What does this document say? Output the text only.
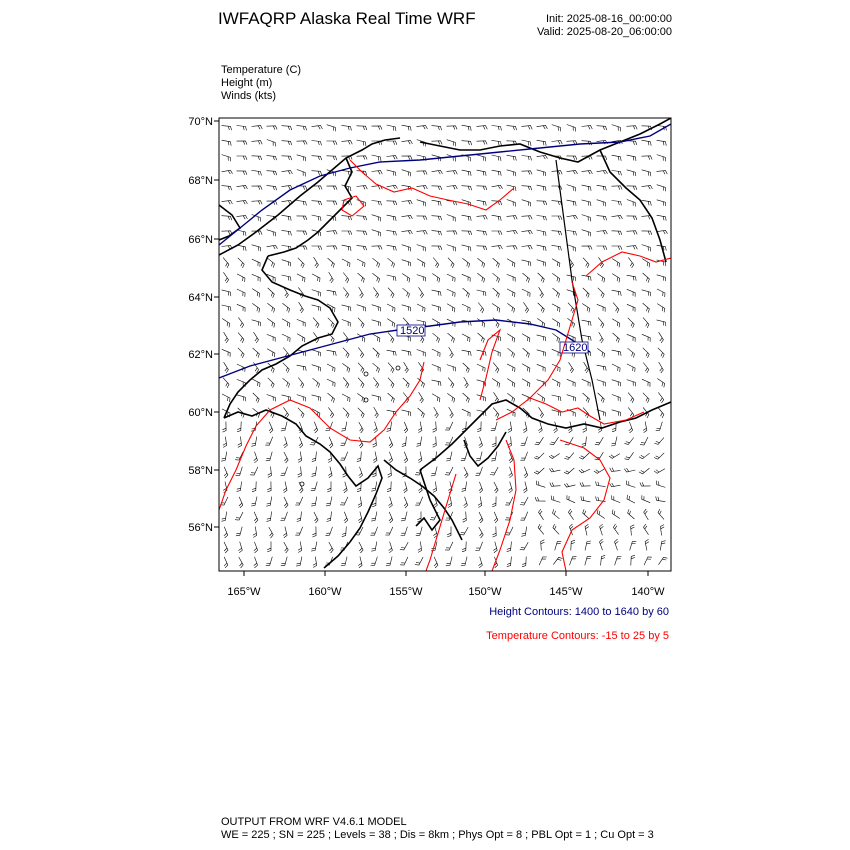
IWFAQRP Alaska Real Time WRF	Init: 2025-08-16_00:00:00
Valid: 2025-08-20_06:00:00
Temperature (C)
Height (m)
Winds (kts)
1520
1620
70°N
68°N
66°N
64°N
62°N
60°N
58°N
56°N
165°W	160°W	155°W	150°W	145°W	140°W
Height Contours: 1400 to 1640 by 60
Temperature Contours: -15 to 25 by 5
OUTPUT FROM WRF V4.6.1 MODEL
WE = 225 ; SN = 225 ; Levels = 38 ; Dis = 8km ; Phys Opt = 8 ; PBL Opt = 1 ; Cu Opt = 3
